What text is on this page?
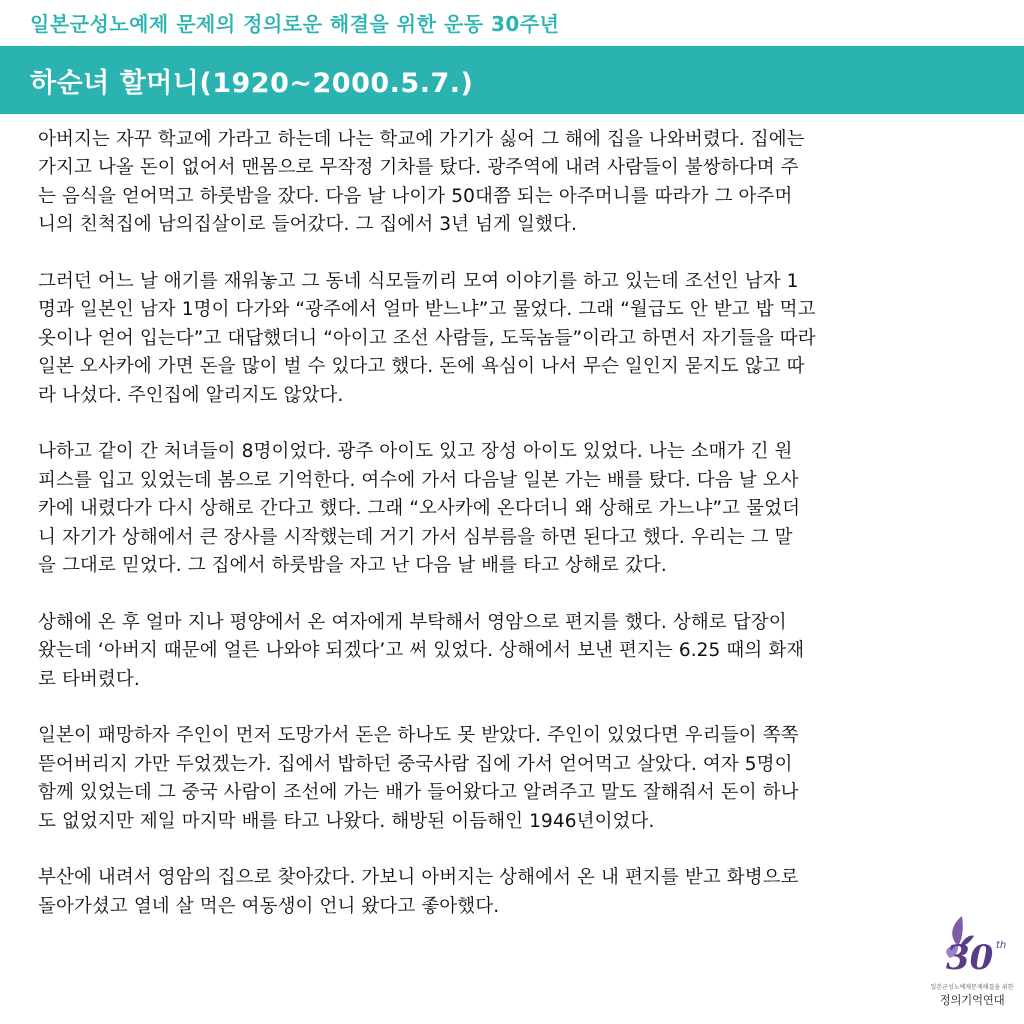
일본군성노예제 문제의 정의로운 해결을 위한 운동 30주년
하순녀 할머니(1920~2000.5.7.)
아버지는 자꾸 학교에 가라고 하는데 나는 학교에 가기가 싫어 그 해에 집을 나와버렸다. 집에는
가지고 나올 돈이 없어서 맨몸으로 무작정 기차를 탔다. 광주역에 내려 사람들이 불쌍하다며 주
는 음식을 얻어먹고 하룻밤을 잤다. 다음 날 나이가 50대쯤 되는 아주머니를 따라가 그 아주머
니의 친척집에 남의집살이로 들어갔다. 그 집에서 3년 넘게 일했다.
그러던 어느 날 애기를 재워놓고 그 동네 식모들끼리 모여 이야기를 하고 있는데 조선인 남자 1
명과 일본인 남자 1명이 다가와 “광주에서 얼마 받느냐”고 물었다. 그래 “월급도 안 받고 밥 먹고
옷이나 얻어 입는다”고 대답했더니 “아이고 조선 사람들, 도둑놈들”이라고 하면서 자기들을 따라
일본 오사카에 가면 돈을 많이 벌 수 있다고 했다. 돈에 욕심이 나서 무슨 일인지 묻지도 않고 따
라 나섰다. 주인집에 알리지도 않았다.
나하고 같이 간 처녀들이 8명이었다. 광주 아이도 있고 장성 아이도 있었다. 나는 소매가 긴 원
피스를 입고 있었는데 봄으로 기억한다. 여수에 가서 다음날 일본 가는 배를 탔다. 다음 날 오사
카에 내렸다가 다시 상해로 간다고 했다. 그래 “오사카에 온다더니 왜 상해로 가느냐”고 물었더
니 자기가 상해에서 큰 장사를 시작했는데 거기 가서 심부름을 하면 된다고 했다. 우리는 그 말
을 그대로 믿었다. 그 집에서 하룻밤을 자고 난 다음 날 배를 타고 상해로 갔다.
상해에 온 후 얼마 지나 평양에서 온 여자에게 부탁해서 영암으로 편지를 했다. 상해로 답장이
왔는데 ‘아버지 때문에 얼른 나와야 되겠다’고 써 있었다. 상해에서 보낸 편지는 6.25 때의 화재
로 타버렸다.
일본이 패망하자 주인이 먼저 도망가서 돈은 하나도 못 받았다. 주인이 있었다면 우리들이 쪽쪽
뜯어버리지 가만 두었겠는가. 집에서 밥하던 중국사람 집에 가서 얻어먹고 살았다. 여자 5명이
함께 있었는데 그 중국 사람이 조선에 가는 배가 들어왔다고 알려주고 말도 잘해줘서 돈이 하나
도 없었지만 제일 마지막 배를 타고 나왔다. 해방된 이듬해인 1946년이었다.
부산에 내려서 영암의 집으로 찾아갔다. 가보니 아버지는 상해에서 온 내 편지를 받고 화병으로
돌아가셨고 열네 살 먹은 여동생이 언니 왔다고 좋아했다.
30 th
일본군성노예제문제해결을 위한
정의기억연대
